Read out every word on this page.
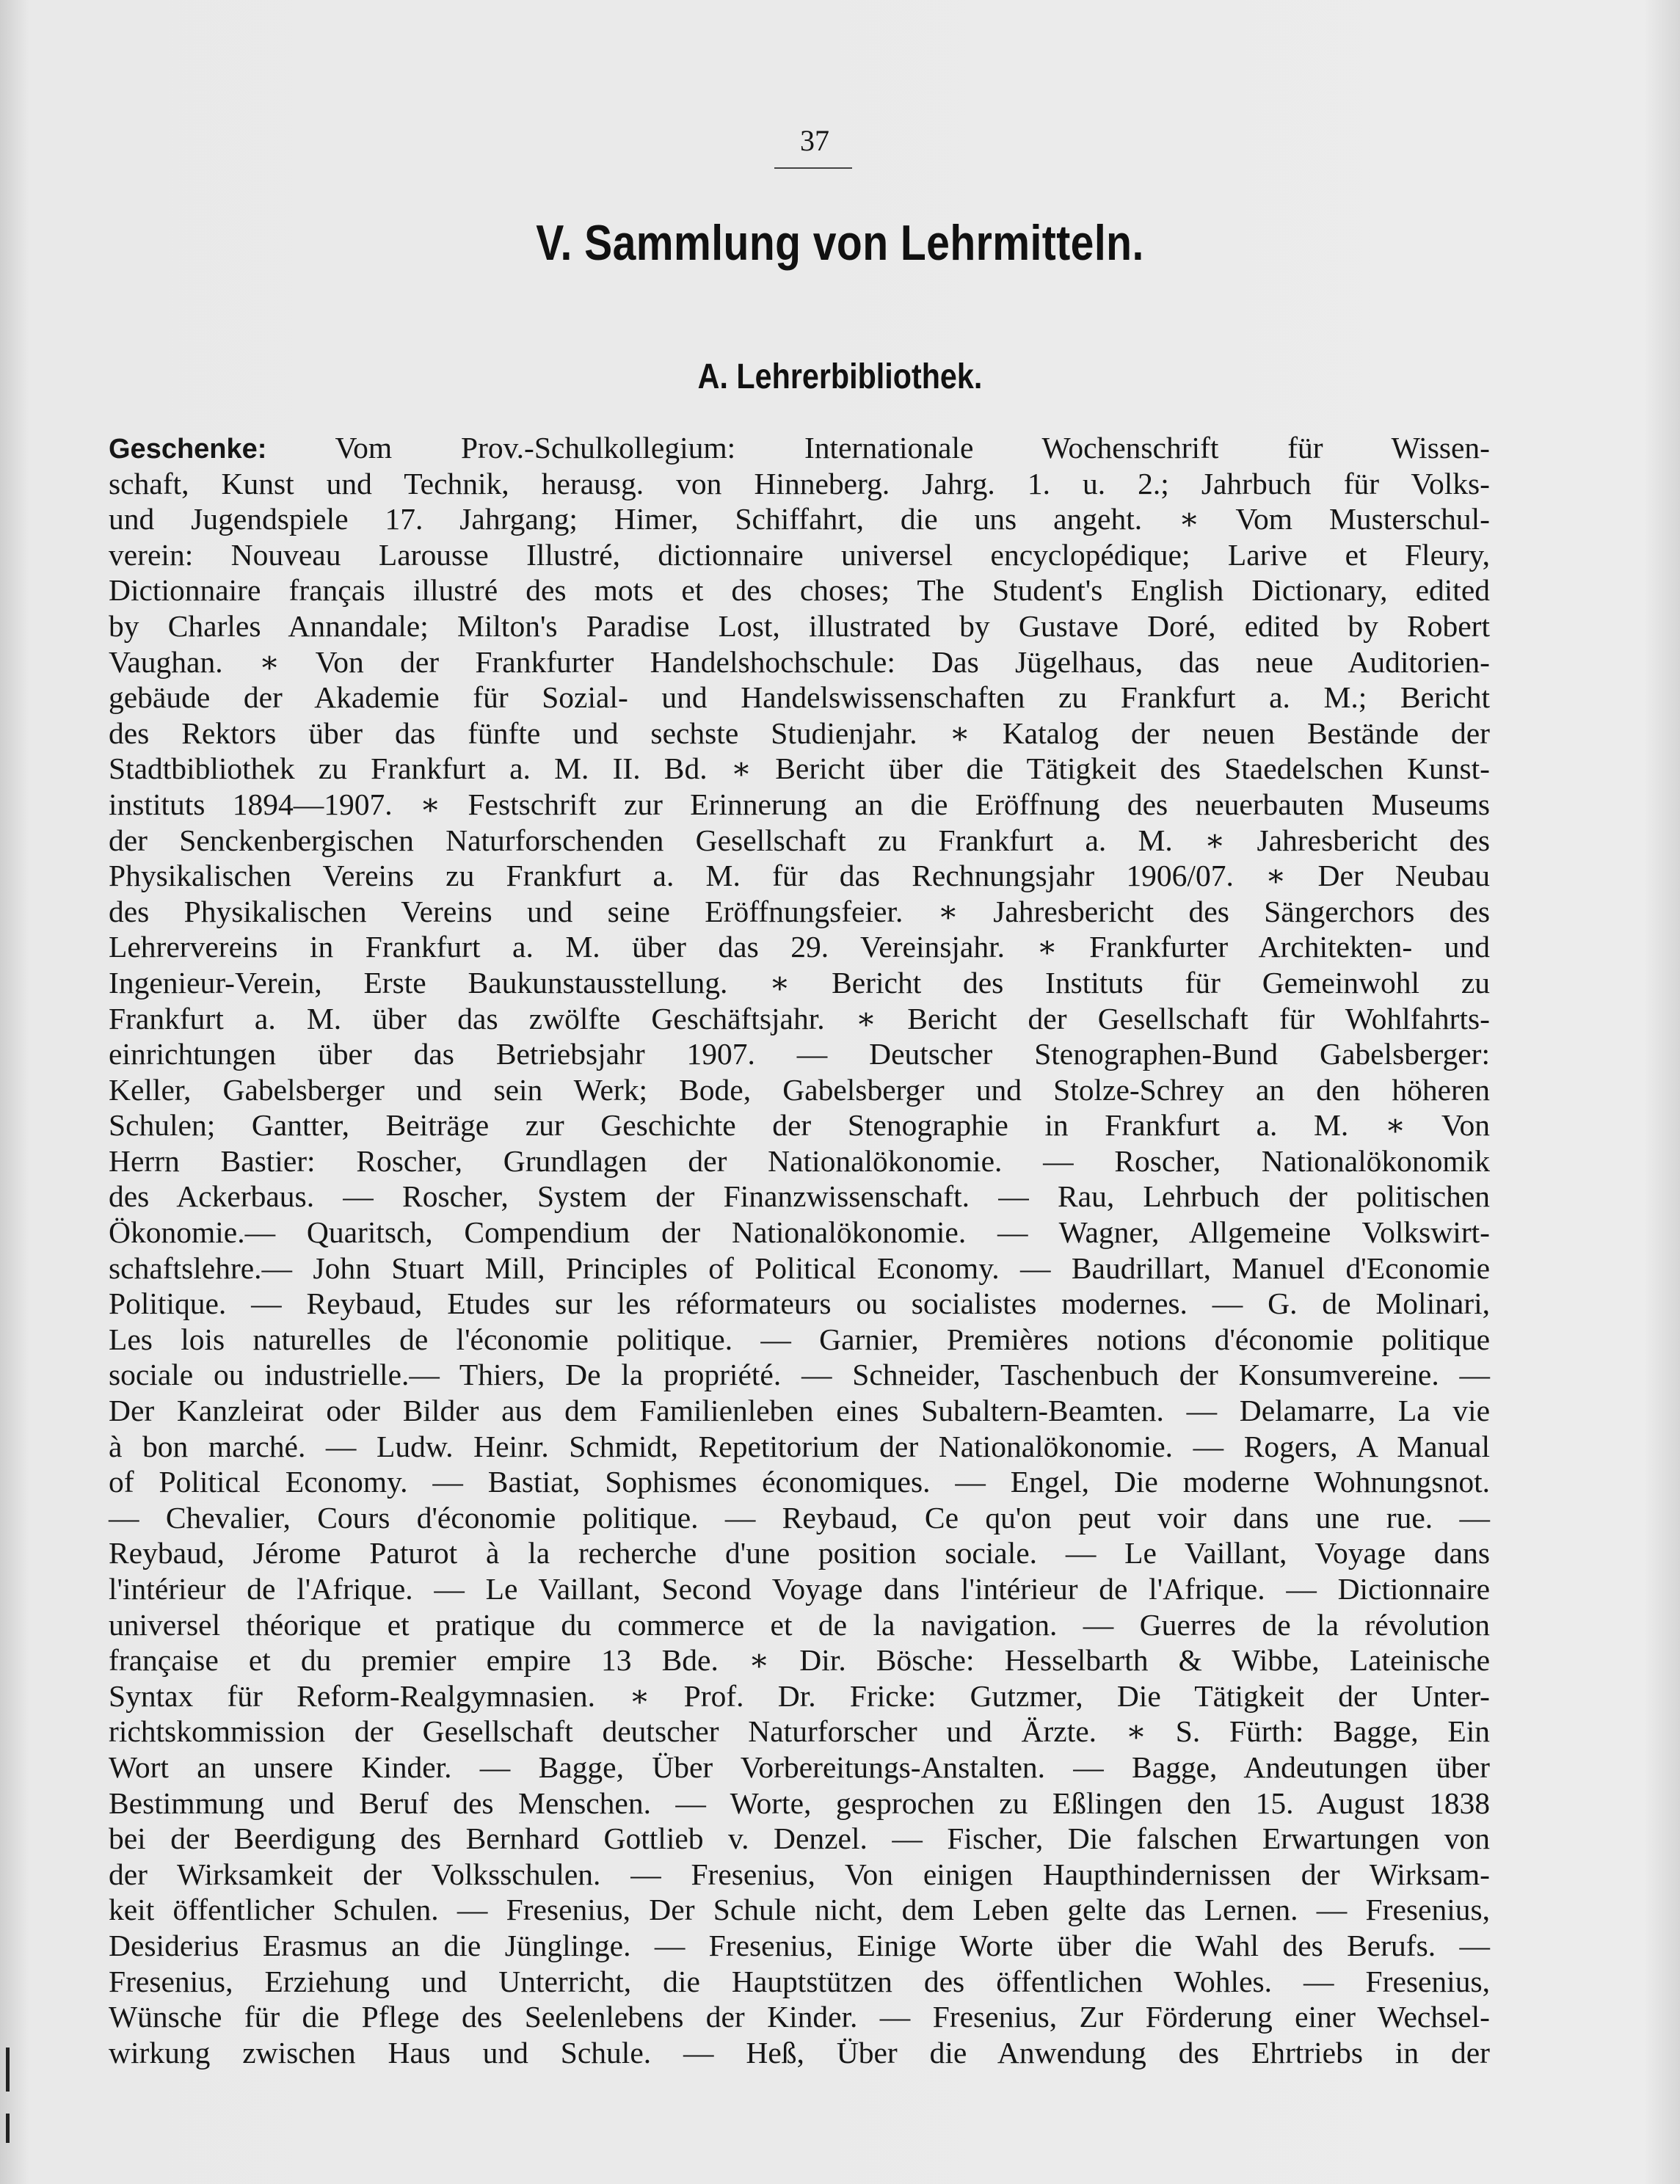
37
V. Sammlung von Lehrmitteln.
A. Lehrerbibliothek.
Geschenke: Vom Prov.-Schulkollegium: Internationale Wochenschrift für Wissen-
schaft, Kunst und Technik, herausg. von Hinneberg. Jahrg. 1. u. 2.; Jahrbuch für Volks-
und Jugendspiele 17. Jahrgang; Himer, Schiffahrt, die uns angeht. ∗ Vom Musterschul-
verein: Nouveau Larousse Illustré, dictionnaire universel encyclopédique; Larive et Fleury,
Dictionnaire français illustré des mots et des choses; The Student's English Dictionary, edited
by Charles Annandale; Milton's Paradise Lost, illustrated by Gustave Doré, edited by Robert
Vaughan. ∗ Von der Frankfurter Handelshochschule: Das Jügelhaus, das neue Auditorien-
gebäude der Akademie für Sozial- und Handelswissenschaften zu Frankfurt a. M.; Bericht
des Rektors über das fünfte und sechste Studienjahr. ∗ Katalog der neuen Bestände der
Stadtbibliothek zu Frankfurt a. M. II. Bd. ∗ Bericht über die Tätigkeit des Staedelschen Kunst-
instituts 1894—1907. ∗ Festschrift zur Erinnerung an die Eröffnung des neuerbauten Museums
der Senckenbergischen Naturforschenden Gesellschaft zu Frankfurt a. M. ∗ Jahresbericht des
Physikalischen Vereins zu Frankfurt a. M. für das Rechnungsjahr 1906/07. ∗ Der Neubau
des Physikalischen Vereins und seine Eröffnungsfeier. ∗ Jahresbericht des Sängerchors des
Lehrervereins in Frankfurt a. M. über das 29. Vereinsjahr. ∗ Frankfurter Architekten- und
Ingenieur-Verein, Erste Baukunstausstellung. ∗ Bericht des Instituts für Gemeinwohl zu
Frankfurt a. M. über das zwölfte Geschäftsjahr. ∗ Bericht der Gesellschaft für Wohlfahrts-
einrichtungen über das Betriebsjahr 1907. — Deutscher Stenographen-Bund Gabelsberger:
Keller, Gabelsberger und sein Werk; Bode, Gabelsberger und Stolze-Schrey an den höheren
Schulen; Gantter, Beiträge zur Geschichte der Stenographie in Frankfurt a. M. ∗ Von
Herrn Bastier: Roscher, Grundlagen der Nationalökonomie. — Roscher, Nationalökonomik
des Ackerbaus. — Roscher, System der Finanzwissenschaft. — Rau, Lehrbuch der politischen
Ökonomie.— Quaritsch, Compendium der Nationalökonomie. — Wagner, Allgemeine Volkswirt-
schaftslehre.— John Stuart Mill, Principles of Political Economy. — Baudrillart, Manuel d'Economie
Politique. — Reybaud, Etudes sur les réformateurs ou socialistes modernes. — G. de Molinari,
Les lois naturelles de l'économie politique. — Garnier, Premières notions d'économie politique
sociale ou industrielle.— Thiers, De la propriété. — Schneider, Taschenbuch der Konsumvereine. —
Der Kanzleirat oder Bilder aus dem Familienleben eines Subaltern-Beamten. — Delamarre, La vie
à bon marché. — Ludw. Heinr. Schmidt, Repetitorium der Nationalökonomie. — Rogers, A Manual
of Political Economy. — Bastiat, Sophismes économiques. — Engel, Die moderne Wohnungsnot.
— Chevalier, Cours d'économie politique. — Reybaud, Ce qu'on peut voir dans une rue. —
Reybaud, Jérome Paturot à la recherche d'une position sociale. — Le Vaillant, Voyage dans
l'intérieur de l'Afrique. — Le Vaillant, Second Voyage dans l'intérieur de l'Afrique. — Dictionnaire
universel théorique et pratique du commerce et de la navigation. — Guerres de la révolution
française et du premier empire 13 Bde. ∗ Dir. Bösche: Hesselbarth & Wibbe, Lateinische
Syntax für Reform-Realgymnasien. ∗ Prof. Dr. Fricke: Gutzmer, Die Tätigkeit der Unter-
richtskommission der Gesellschaft deutscher Naturforscher und Ärzte. ∗ S. Fürth: Bagge, Ein
Wort an unsere Kinder. — Bagge, Über Vorbereitungs-Anstalten. — Bagge, Andeutungen über
Bestimmung und Beruf des Menschen. — Worte, gesprochen zu Eßlingen den 15. August 1838
bei der Beerdigung des Bernhard Gottlieb v. Denzel. — Fischer, Die falschen Erwartungen von
der Wirksamkeit der Volksschulen. — Fresenius, Von einigen Haupthindernissen der Wirksam-
keit öffentlicher Schulen. — Fresenius, Der Schule nicht, dem Leben gelte das Lernen. — Fresenius,
Desiderius Erasmus an die Jünglinge. — Fresenius, Einige Worte über die Wahl des Berufs. —
Fresenius, Erziehung und Unterricht, die Hauptstützen des öffentlichen Wohles. — Fresenius,
Wünsche für die Pflege des Seelenlebens der Kinder. — Fresenius, Zur Förderung einer Wechsel-
wirkung zwischen Haus und Schule. — Heß, Über die Anwendung des Ehrtriebs in der
